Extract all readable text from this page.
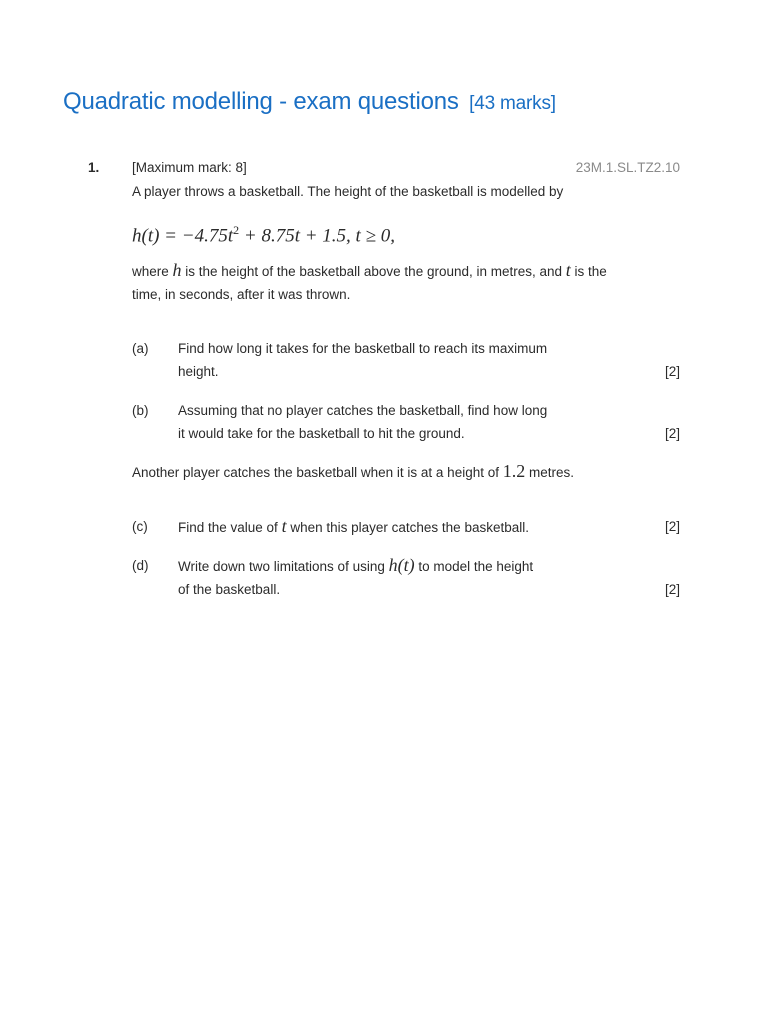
Quadratic modelling - exam questions [43 marks]
1. [Maximum mark: 8]	23M.1.SL.TZ2.10
A player throws a basketball. The height of the basketball is modelled by
$h(t) = -4.75t^2 + 8.75t + 1.5$, t ≥ 0,
where h is the height of the basketball above the ground, in metres, and t is the
time, in seconds, after it was thrown.
(a) Find how long it takes for the basketball to reach its maximum
height.	[2]
(b) Assuming that no player catches the basketball, find how long
it would take for the basketball to hit the ground.	[2]
Another player catches the basketball when it is at a height of 1.2 metres.
(c) Find the value of t when this player catches the basketball.	[2]
(d) Write down two limitations of using h(t) to model the height
of the basketball.	[2]
